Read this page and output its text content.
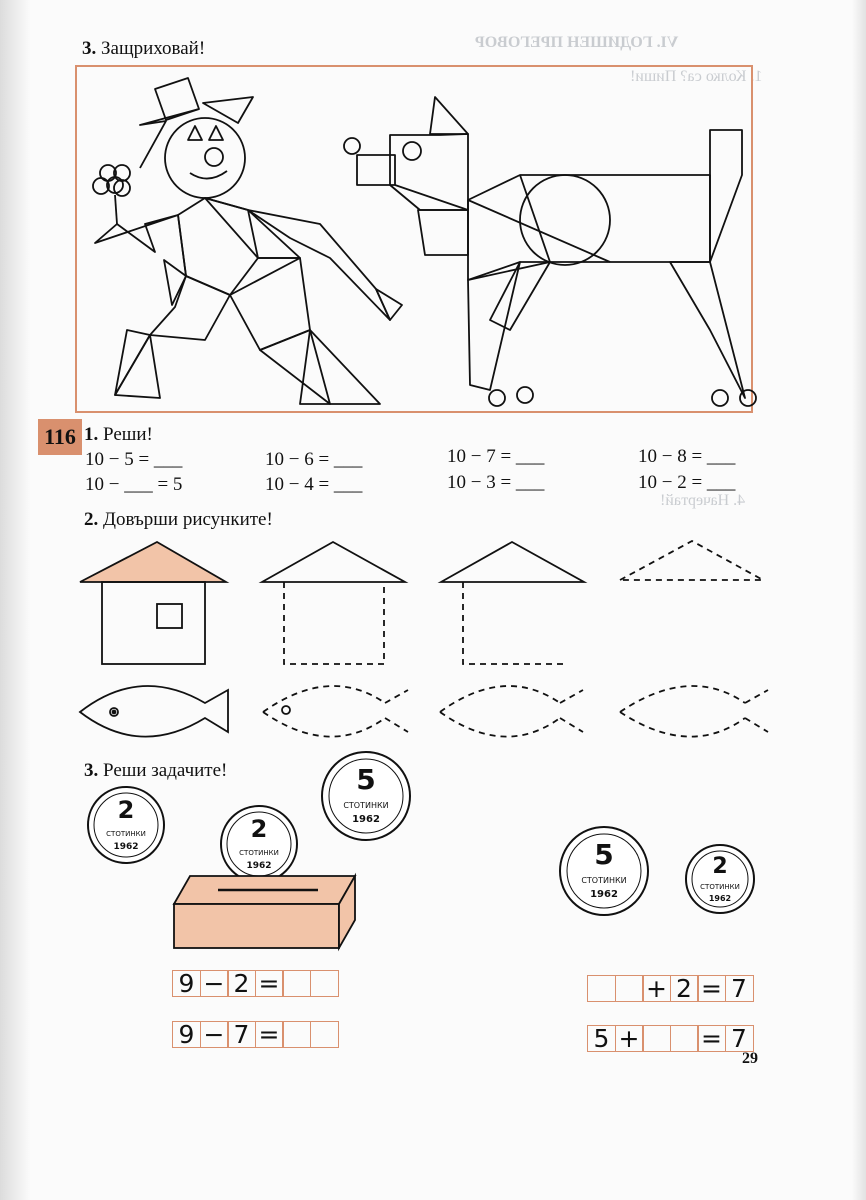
VI. ГОДИШЕН ПРЕГОВОР
1. Колко са? Пиши!
4. Начертай!
3. Защриховай!
116 1. Реши!
10 − 5 = ___
10 − ___ = 5
10 − 6 = ___
10 − 4 = ___
10 − 7 = ___
10 − 3 = ___
10 − 8 = ___
10 − 2 = ___
2. Довърши рисунките!
3. Реши задачите!
2
СТОТИНКИ
1962
2
СТОТИНКИ
1962
5
СТОТИНКИ
1962
5
СТОТИНКИ
1962
2
СТОТИНКИ
1962
9 − 2 =
9 − 7 =
+ 2 = 7
5 + = 7
29
